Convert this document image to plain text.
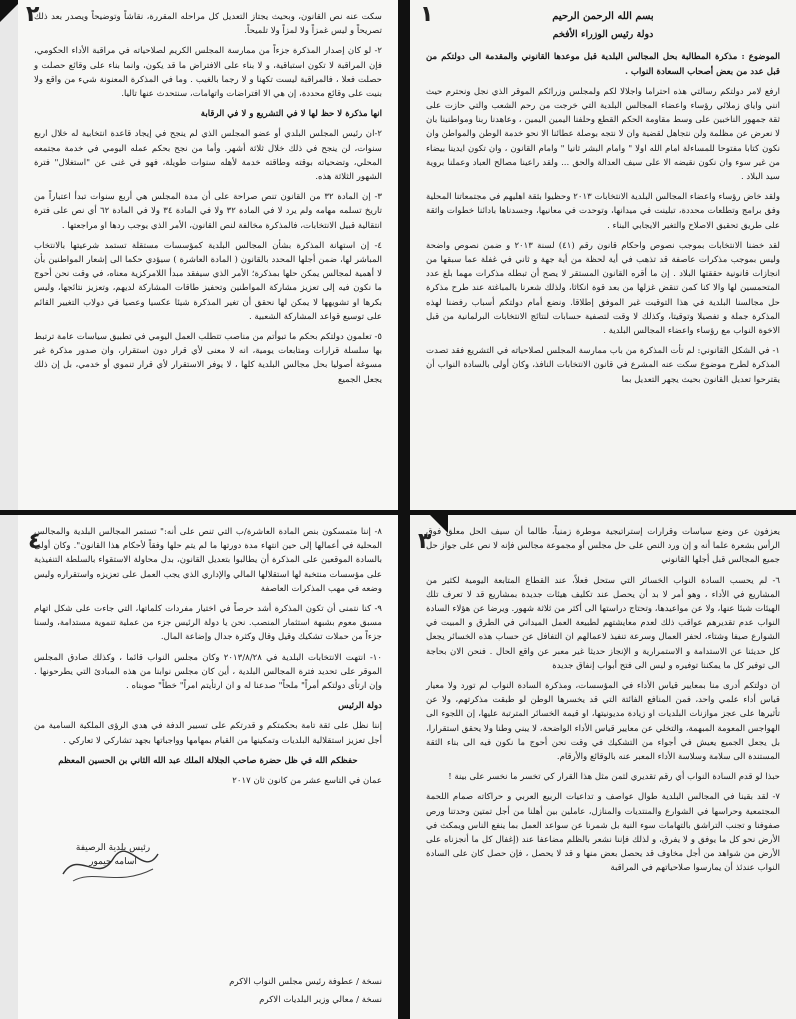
١	بسم الله الرحمن الرحيم
دولة رئيس الوزراء الأفخم

الموضوع : مذكرة المطالبة بحل المجالس البلدية قبل موعدها القانوني والمقدمة الى دولتكم من قبل عدد من بعض أصحاب السعادة النواب .

ارفع لامر دولتكم رسالتي هذه احتراما واجلالا لكم ولمجلس وزرائكم الموقر الذي نجل ونحترم حيث انني واياي زملائي رؤساء واعضاء المجالس البلدية التي خرجت من رحم الشعب والتي حازت على ثقة جمهور الناخبين على وسط مقاومة الحكم القطع وحلفنا اليمين اليمين ، وعاهدنا ربنا ومواطنينا بان لا نعرض عن مظلمة ولن نتجاهل لقضية وان لا نتجه بوصلة عطائنا الا نحو خدمة الوطن والمواطن وان نكون كتابا مفتوحا للمساءلة امام الله اولا " وامام البشر ثانيا " وامام القانون ، وان تكون ايدينا بيضاء من غير سوء وان نكون نقيضه الا على سيف العدالة والحق ... ولقد راعينا مصالح العباد وعملنا بروية سيد البلاد .

ولقد خاض رؤساء واعضاء المجالس البلدية الانتخابات ٢٠١٣ وحظيوا بثقة اهليهم في مجتمعاتنا المحلية وفق برامج وتطلعات محددة، تبلينت في ميدانها، وتوحدت في معانيها، وجسدناها بادائنا خطوات واثقة على طريق تحقيق الاصلاح والتغير الايجابي البناء .

لقد خضنا الانتخابات بموجب نصوص واحكام قانون رقم (٤١) لسنة ٢٠١٣ و ضمن نصوص واضحة وليس بموجب مذكرات عاصفة قد تذهب في أية لحظة من أية جهة و ثاني في غفلة عما سبقها من انجازات قانونية حققتها البلاد . إن ما أقره القانون المستقر لا يصح أن تبطله مذكرات مهما بلغ عدد المتحمسين لها والا كنا كمن تنقض غزلها من بعد قوة انكاثا، ولذلك شعرنا بالمباغتة عند طرح مذكرة حل مجالسنا البلدية في هذا التوقيت غير الموفق إطلاقا. ونضع أمام دولتكم أسباب رفضنا لهذه المذكرة جملة و تفصيلا وتوقيتا، وكذلك لا وقت لتصفية حسابات لنتائج الانتخابات البرلمانية من قبل الاخوة النواب مع رؤساء واعضاء المجالس البلدية .

١- في الشكل القانوني: لم تأت المذكرة من باب ممارسة المجلس لصلاحياته في التشريع فقد تصدت المذكرة لطرح موضوع سكت عنه المشرع في قانون الانتخابات النافذ، وكان أولى بالسادة النواب أن يقترحوا تعديل القانون بحيث يجهر التعديل بما

٢

سكت عنه نص القانون، وبحيث يجتاز التعديل كل مراحله المقررة، نقاشاً وتوضيحاً ويصدر بعد ذلك تصريحاً و ليس غمزاً ولا لمزاً ولا تلميحاً.

٢- لو كان إصدار المذكرة جزءاً من ممارسة المجلس الكريم لصلاحياته في مراقبة الأداء الحكومي، فإن المراقبة لا تكون استباقية، و لا بناء على الافتراض ما قد يكون، وانما بناء على وقائع حصلت و حصلت فعلا ، فالمراقبة ليست تكهنا و لا رجما بالغيب . وما في المذكرة المعنونة شيء من واقع ولا بنيت على وقائع محددة، إن هي الا افتراضات واتهامات، سنتحدث عنها تاليا.

انها مذكرة لا حظ لها لا في التشريع و لا في الرقابة

٢-ان رئيس المجلس البلدي أو عضو المجلس الذي لم ينجح في إيجاد قاعدة انتخابية له خلال اربع سنوات، لن ينجح في ذلك خلال ثلاثة أشهر. وأما من نجح بحكم عمله اليومي في خدمة مجتمعه المحلي، وتضحياته بوقته وطاقته خدمة لأهله سنوات طويلة، فهو في غنى عن "استغلال" فترة الشهور الثلاثة هذه.

٣- إن المادة ٣٢ من القانون تنص صراحة على أن مدة المجلس هي أربع سنوات تبدأ اعتباراً من تاريخ تسلمه مهامه ولم يرد لا في المادة ٣٢ ولا في المادة ٣٤ ولا في المادة ٦٢ أي نص على فترة انتقالية قبيل الانتخابات، فالمذكرة مخالفة لنص القانون، الأمر الذي يوجب ردها او مراجعتها .

٤- إن استهانة المذكرة بشأن المجالس البلدية كمؤسسات مستقلة تستمد شرعيتها بالانتخاب المباشر لها، ضمن أجلها المحدد بالقانون ( المادة العاشرة ) سيؤدي حكما الى إشعار المواطنين بأن لا أهمية لمجالس يمكن حلها بمذكرة؛ الأمر الذي سيفقد مبدأ اللامركزية معناه، في وقت نحن أحوج ما نكون فيه إلى تعزيز مشاركة المواطنين وتحفيز طاقات المشاركة لديهم، وتعزيز نتائجها، وليس بكرها او تشويهها لا يمكن لها نحقق أن تغير المذكرة شيئا عكسيا وعصيا في دولاب التغيير القائم على توسيع قواعد المشاركة الشعبية .

٥- تعلمون دولتكم بحكم ما تبوأتم من مناصب تتطلب العمل اليومي في تطبيق سياسات عامة ترتبط بها سلسلة قرارات ومتابعات يومية، انه لا معنى لأي قرار دون استقرار، وان صدور مذكرة غير مسوغة أصوليا بحل مجالس البلدية كلها ، لا يوفر الاستقرار لأي قرار تنموي أو خدمي، بل إن ذلك يجعل الجميع

٣

يعزفون عن وضع سياسات وقرارات إستراتيجية موطرة زمنياً، طالما أن سيف الحل معلق فوق الرأس بشعرة علما أنه و إن ورد النص على حل مجلس أو مجموعة مجالس فإنه لا نص على جواز حل جميع المجالس قبل أجلها القانوني

٦- لم يحسب السادة النواب الخسائر التي ستحل فعلاً، عند القطاع المتابعة اليومية لكثير من المشاريع في الأداء ، وهو أمر لا بد أن يحصل عند تكليف هيئات جديدة بمشاريع قد لا تعرف تلك الهيئات شيئا عنها، ولا عن مواعيدها، وتحتاج دراستها الى أكثر من ثلاثة شهور. ويرضا عن هؤلاء السادة النواب عدم تقديرهم عواقب ذلك لعدم معايشتهم لطبيعة العمل الميداني في الطرق و المبيت في الشوارع صيفا وشتاء، لحفر العمال وسرعة تنفيذ لاعمالهم ان التفافل عن حساب هذه الخسائر يجعل كل حديثنا عن الاستدامة و الاستمرارية و الإنجاز حديثا غير معبر عن واقع الحال . فنحن الان بحاجة الى توفير كل ما يمكننا توفيره و ليس الى فتح أبواب إنفاق جديدة

ان دولتكم أدرى منا بمعايير قياس الأداء في المؤسسات، ومذكرة السادة النواب لم تورد ولا معيار قياس أداء علمي واحد، فمن المنافع الفائتة التي قد يخسرها الوطن لو طبقت مذكرتهم، ولا عن تأثيرها على عجز موازنات البلديات او زيادة مديونيتها، او قيمة الخسائر المترتبة عليها، إن اللجوء الى الهواجس المعومة المبهمة، والتخلي عن معايير قياس الأداء الواضحة، لا يبني وطنا ولا يحقق استقرارا، بل يجعل الجميع يعيش في أجواء من التشكيك في وقت نحن أحوج ما نكون فيه الى بناء الثقة المستندة الى سلامة وسلاسة الأداء المعبر عنه بالوقائع والأرقام.

حبذا لو قدم السادة النواب أي رقم تقديري لثمن مثل هذا القرار كي تخسر ما نخسر على بينة !

٧- لقد بقينا في المجالس البلدية طوال عواصف و تداعيات الربيع العربي و حراكاته صمام اللحمة المجتمعية وحراسها في الشوارع والمنتديات والمنازل، عاملين بين أهلنا من أجل تمتين وحدتنا ورص صفوفنا و تجنب التراشق بالتهامات سوء النية بل شمرنا عن سواعد العمل بما ينفع الناس ويمكث في الأرض نحو كل ما يوفق و لا يفرق، و لذلك فإننا نشعر بالظلم مضاعفا عند (إغفال كل ما أنجزناه على الأرض من شواهد من أجل مخاوف قد يحصل بعض منها و قد لا يحصل ، فإن حصل كان على السادة النواب عندئذ أن يمارسوا صلاحياتهم في المراقبة

٤

٨- إننا متمسكون بنص المادة العاشرة/ب التي تنص على أنه:" تستمر المجالس البلدية والمجالس المحلية في أعمالها إلى حين انتهاء مدة دورتها ما لم يتم حلها وفقاً لأحكام هذا القانون". وكان أولى بالسادة الموقعين على المذكرة أن يطالبوا بتعديل القانون، بدل محاولة الاستقواء بالسلطة التنفيذية على مؤسسات منتخبة لها استقلالها المالي والإداري الذي يجب العمل على تعزيزه واستقراره وليس وضعه في مهب المذكرات العاصفة

٩- كنا نتمنى أن تكون المذكرة أشد حرصاً في اختيار مفردات كلماتها، التي جاءت على شكل اتهام مسبق معوم بشبهة استثمار المنصب. نحن يا دولة الرئيس جزء من عملية تنموية مستدامة، ولسنا جزءاً من حملات تشكيك وقيل وقال وكثرة جدال وإضاعة المال.

١٠- انتهت الانتخابات البلدية في ٢٠١٣/٨/٢٨ وكان مجلس النواب قائما ، وكذلك صادق المجلس الموقر على تحديد فترة المجالس البلدية ، أين كان مجلس نوابنا من هذه المبادئ التي يطرحونها . وإن ارتأى دولتكم أمراً" ملحاً" صدعنا له و ان ارتأيتم امراً" خطاً" صوبناه .

دولة الرئيس

إننا نظل على ثقة تامة بحكمتكم و قدرتكم على تسيير الدفة في هدي الرؤى الملكية السامية من أجل تعزيز استقلالية البلديات وتمكينها من القيام بمهامها وواجباتها بجهد تشاركي لا تعاركي .

حفظكم الله في ظل حضرة صاحب الجلالة الملك عبد الله الثاني بن الحسين المعظم

عمان في التاسع عشر من كانون ثان ٢٠١٧

رئيس بلدية الرصيفة
اسامه حيمور
نسخة / عطوفة رئيس مجلس النواب الاكرم
نسخة / معالي وزير البلديات الاكرم
